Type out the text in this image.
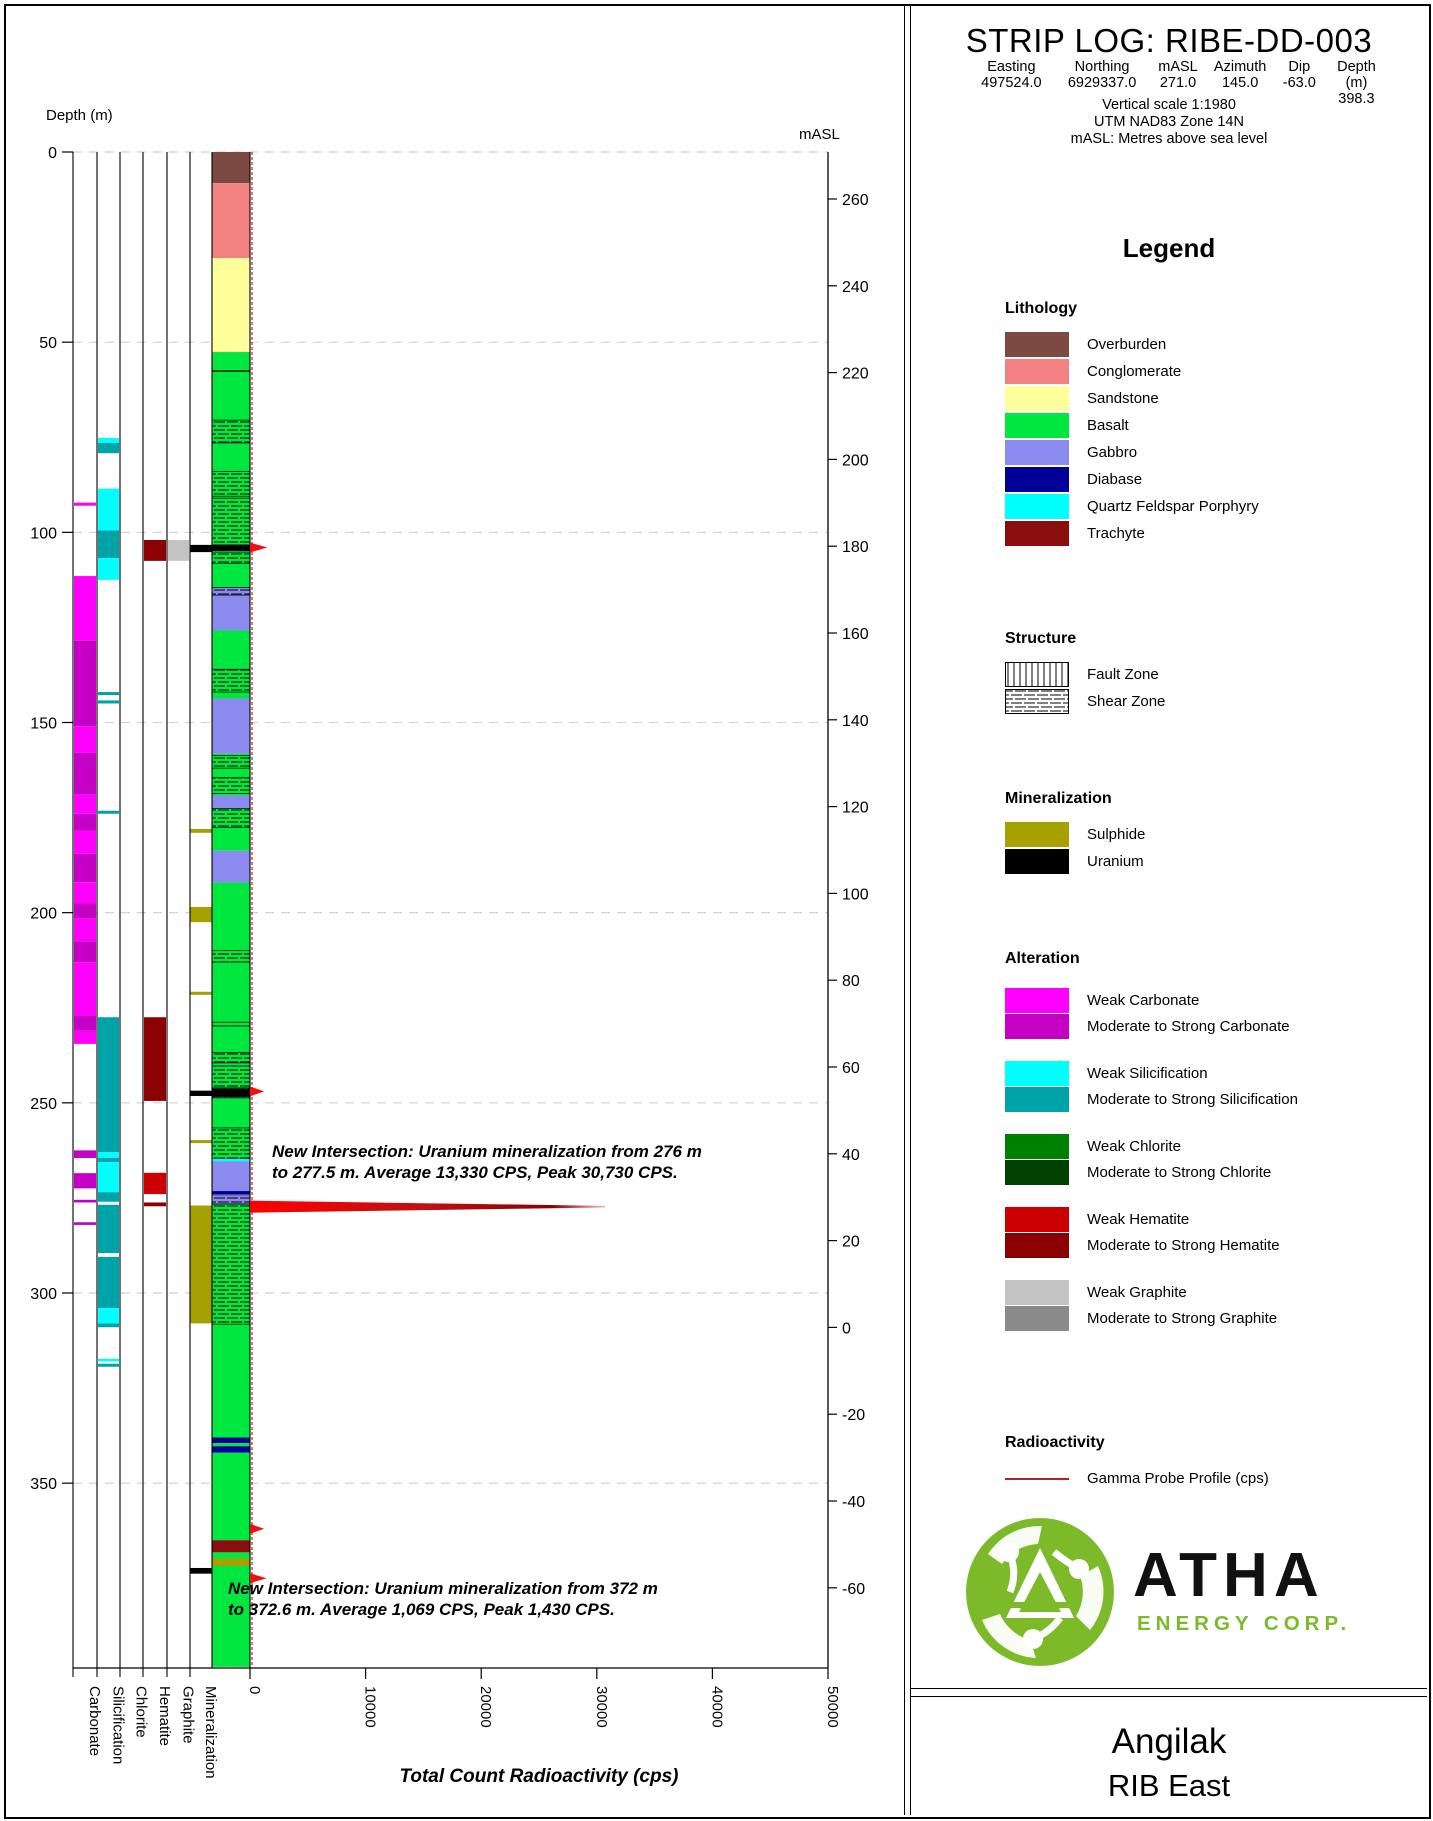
0
50
100
150
200
250
300
350
260
240
220
200
180
160
140
120
100
80
60
40
20
0
-20
-40
-60
0	10000	20000	30000	40000	50000
Carbonate Silicification Chlorite Hematite Graphite Mineralization
Depth (m)
mASL
Total Count Radioactivity (cps)
New Intersection: Uranium mineralization from 276 m
to 277.5 m. Average 13,330 CPS, Peak 30,730 CPS.
New Intersection: Uranium mineralization from 372 m
to 372.6 m. Average 1,069 CPS, Peak 1,430 CPS.
STRIP LOG: RIBE-DD-003
Easting
497524.0
Northing
6929337.0
mASL
271.0
Azimuth
145.0
Dip
-63.0
Depth (m)
398.3
Vertical scale 1:1980
UTM NAD83 Zone 14N
mASL: Metres above sea level
Legend
Lithology
Overburden
Conglomerate
Sandstone
Basalt
Gabbro
Diabase
Quartz Feldspar Porphyry
Trachyte
Structure
Fault Zone
Shear Zone
Mineralization
Sulphide
Uranium
Alteration
Weak Carbonate
Moderate to Strong Carbonate
Weak Silicification
Moderate to Strong Silicification
Weak Chlorite
Moderate to Strong Chlorite
Weak Hematite
Moderate to Strong Hematite
Weak Graphite
Moderate to Strong Graphite
Radioactivity
Gamma Probe Profile (cps)
ATHA
ENERGY CORP.
Angilak
RIB East
